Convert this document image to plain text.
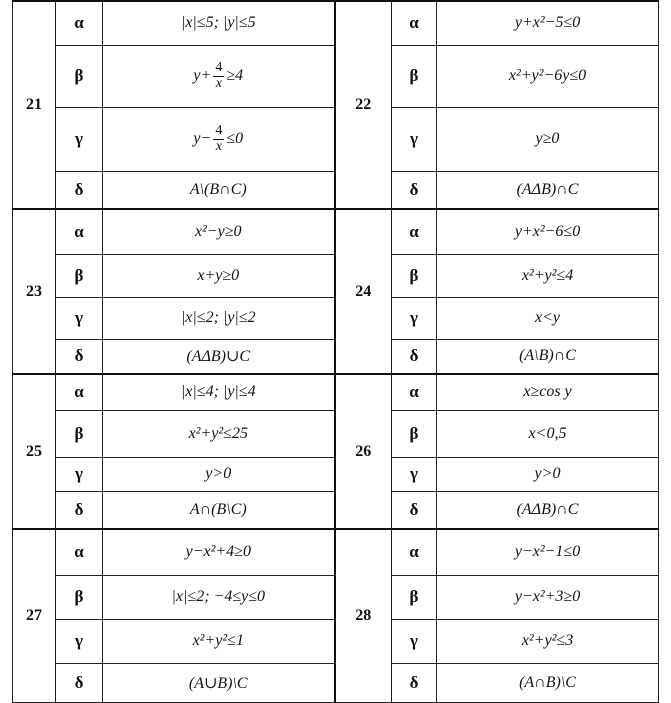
21	α	|x|≤5; |y|≤5	22	α	y+x²−5≤0
	β	$y+ \frac{4}{x} \ge 4$		β	x²+y²−6y≤0
	γ	$y- \frac{4}{x} \le 0$		γ	y≥0
	δ	A\(B∩C)		δ	(AΔB)∩C
23	α	x²−y≥0	24	α	y+x²−6≤0
	β	x+y≥0		β	x²+y²≤4
	γ	|x|≤2; |y|≤2		γ	x<y
	δ	(AΔB)∪C		δ	(A\B)∩C
25	α	|x|≤4; |y|≤4	26	α	x≥cos y
	β	x²+y²≤25		β	x<0,5
	γ	y>0		γ	y>0
	δ	A∩(B\C)		δ	(AΔB)∩C
27	α	y−x²+4≥0	28	α	y−x²−1≤0
	β	|x|≤2; −4≤y≤0		β	y−x²+3≥0
	γ	x²+y²≤1		γ	x²+y²≤3
	δ	(A∪B)\C		δ	(A∩B)\C
